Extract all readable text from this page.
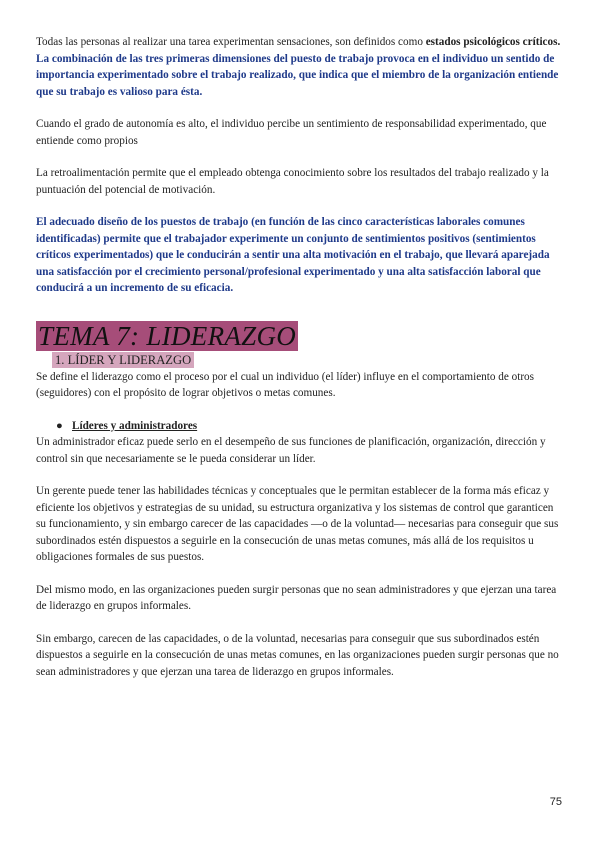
Todas las personas al realizar una tarea experimentan sensaciones, son definidos como estados psicológicos críticos.

La combinación de las tres primeras dimensiones del puesto de trabajo provoca en el individuo un sentido de importancia experimentado sobre el trabajo realizado, que indica que el miembro de la organización entiende que su trabajo es valioso para ésta.

Cuando el grado de autonomía es alto, el individuo percibe un sentimiento de responsabilidad experimentado, que entiende como propios

La retroalimentación permite que el empleado obtenga conocimiento sobre los resultados del trabajo realizado y la puntuación del potencial de motivación.

El adecuado diseño de los puestos de trabajo (en función de las cinco características laborales comunes identificadas) permite que el trabajador experimente un conjunto de sentimientos positivos (sentimientos críticos experimentados) que le conducirán a sentir una alta motivación en el trabajo, que llevará aparejada una satisfacción por el crecimiento personal/profesional experimentado y una alta satisfacción laboral que conducirá a un incremento de su eficacia.

TEMA 7: LIDERAZGO
1. LÍDER Y LIDERAZGO

Se define el liderazgo como el proceso por el cual un individuo (el líder) influye en el comportamiento de otros (seguidores) con el propósito de lograr objetivos o metas comunes.

● Líderes y administradores

Un administrador eficaz puede serlo en el desempeño de sus funciones de planificación, organización, dirección y control sin que necesariamente se le pueda considerar un líder.

Un gerente puede tener las habilidades técnicas y conceptuales que le permitan establecer de la forma más eficaz y eficiente los objetivos y estrategias de su unidad, su estructura organizativa y los sistemas de control que garanticen su funcionamiento, y sin embargo carecer de las capacidades —o de la voluntad— necesarias para conseguir que sus subordinados estén dispuestos a seguirle en la consecución de unas metas comunes, más allá de los requisitos u obligaciones formales de sus puestos.

Del mismo modo, en las organizaciones pueden surgir personas que no sean administradores y que ejerzan una tarea de liderazgo en grupos informales.

Sin embargo, carecen de las capacidades, o de la voluntad, necesarias para conseguir que sus subordinados estén dispuestos a seguirle en la consecución de unas metas comunes, en las organizaciones pueden surgir personas que no sean administradores y que ejerzan una tarea de liderazgo en grupos informales.

75
